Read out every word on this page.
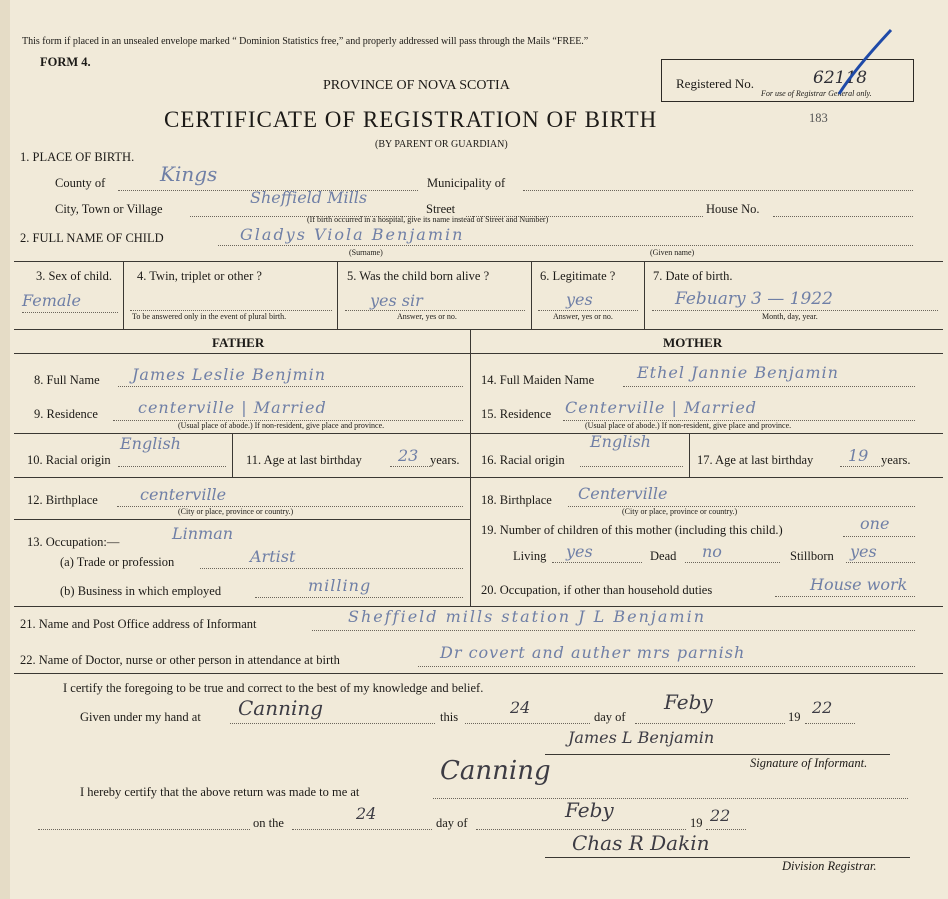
This form if placed in an unsealed envelope marked “ Dominion Statistics free,” and properly addressed will pass through the Mails “FREE.”
FORM 4.
PROVINCE OF NOVA SCOTIA
CERTIFICATE OF REGISTRATION OF BIRTH
(BY PARENT OR GUARDIAN)
Registered No.	62118
For use of Registrar General only.
183
1. PLACE OF BIRTH.
County of	Kings	Municipality of
City, Town or Village
Sheffield Mills
Street	House No.
(If birth occurred in a hospital, give its name instead of Street and Number)
2. FULL NAME OF CHILD	Gladys Viola Benjamin
(Surname)	(Given name)
3. Sex of child.
Female
4. Twin, triplet or other ?
To be answered only in the event of plural birth.
5. Was the child born alive ?
yes sir
Answer, yes or no.
6. Legitimate ?
yes
Answer, yes or no.
7. Date of birth.
Febuary 3 — 1922
Month, day, year.
FATHER	MOTHER
8. Full Name James Leslie Benjmin
9. Residence	centerville | Married
(Usual place of abode.) If non-resident, give place and province.
10. Racial origin
English
11. Age at last birthday 23 years.
12. Birthplace	centerville
(City or place, province or country.)
13. Occupation:—	Linman
(a) Trade or profession	Artist
(b) Business in which employed	milling
14. Full Maiden Name	Ethel Jannie Benjamin
15. Residence Centerville | Married
(Usual place of abode.) If non-resident, give place and province.
16. Racial origin
English
17. Age at last birthday 19 years.
18. Birthplace Centerville
(City or place, province or country.)
19. Number of children of this mother (including this child.)	one
Living yes	Dead no	Stillborn yes
20. Occupation, if other than household duties	House work
21. Name and Post Office address of Informant	Sheffield mills station J L Benjamin
22. Name of Doctor, nurse or other person in attendance at birth	Dr covert and auther mrs parnish
I certify the foregoing to be true and correct to the best of my knowledge and belief.
Given under my hand at Canning	this	24	day of
Feby
19 22
James L Benjamin
Signature of Informant.
I hereby certify that the above return was made to me at
Canning
on the	24	day of
Feby
19 22
Chas R Dakin
Division Registrar.
